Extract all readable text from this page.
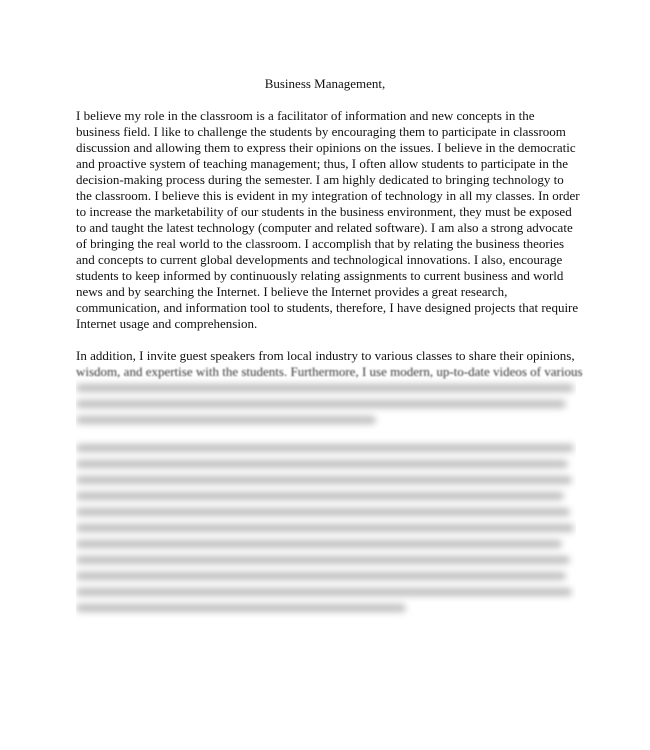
Business Management,
I believe my role in the classroom is a facilitator of information and new concepts in the
business field. I like to challenge the students by encouraging them to participate in classroom
discussion and allowing them to express their opinions on the issues. I believe in the democratic
and proactive system of teaching management; thus, I often allow students to participate in the
decision-making process during the semester. I am highly dedicated to bringing technology to
the classroom. I believe this is evident in my integration of technology in all my classes. In order
to increase the marketability of our students in the business environment, they must be exposed
to and taught the latest technology (computer and related software). I am also a strong advocate
of bringing the real world to the classroom. I accomplish that by relating the business theories
and concepts to current global developments and technological innovations. I also, encourage
students to keep informed by continuously relating assignments to current business and world
news and by searching the Internet. I believe the Internet provides a great research,
communication, and information tool to students, therefore, I have designed projects that require
Internet usage and comprehension.
In addition, I invite guest speakers from local industry to various classes to share their opinions,
wisdom, and expertise with the students. Furthermore, I use modern, up-to-date videos of various
